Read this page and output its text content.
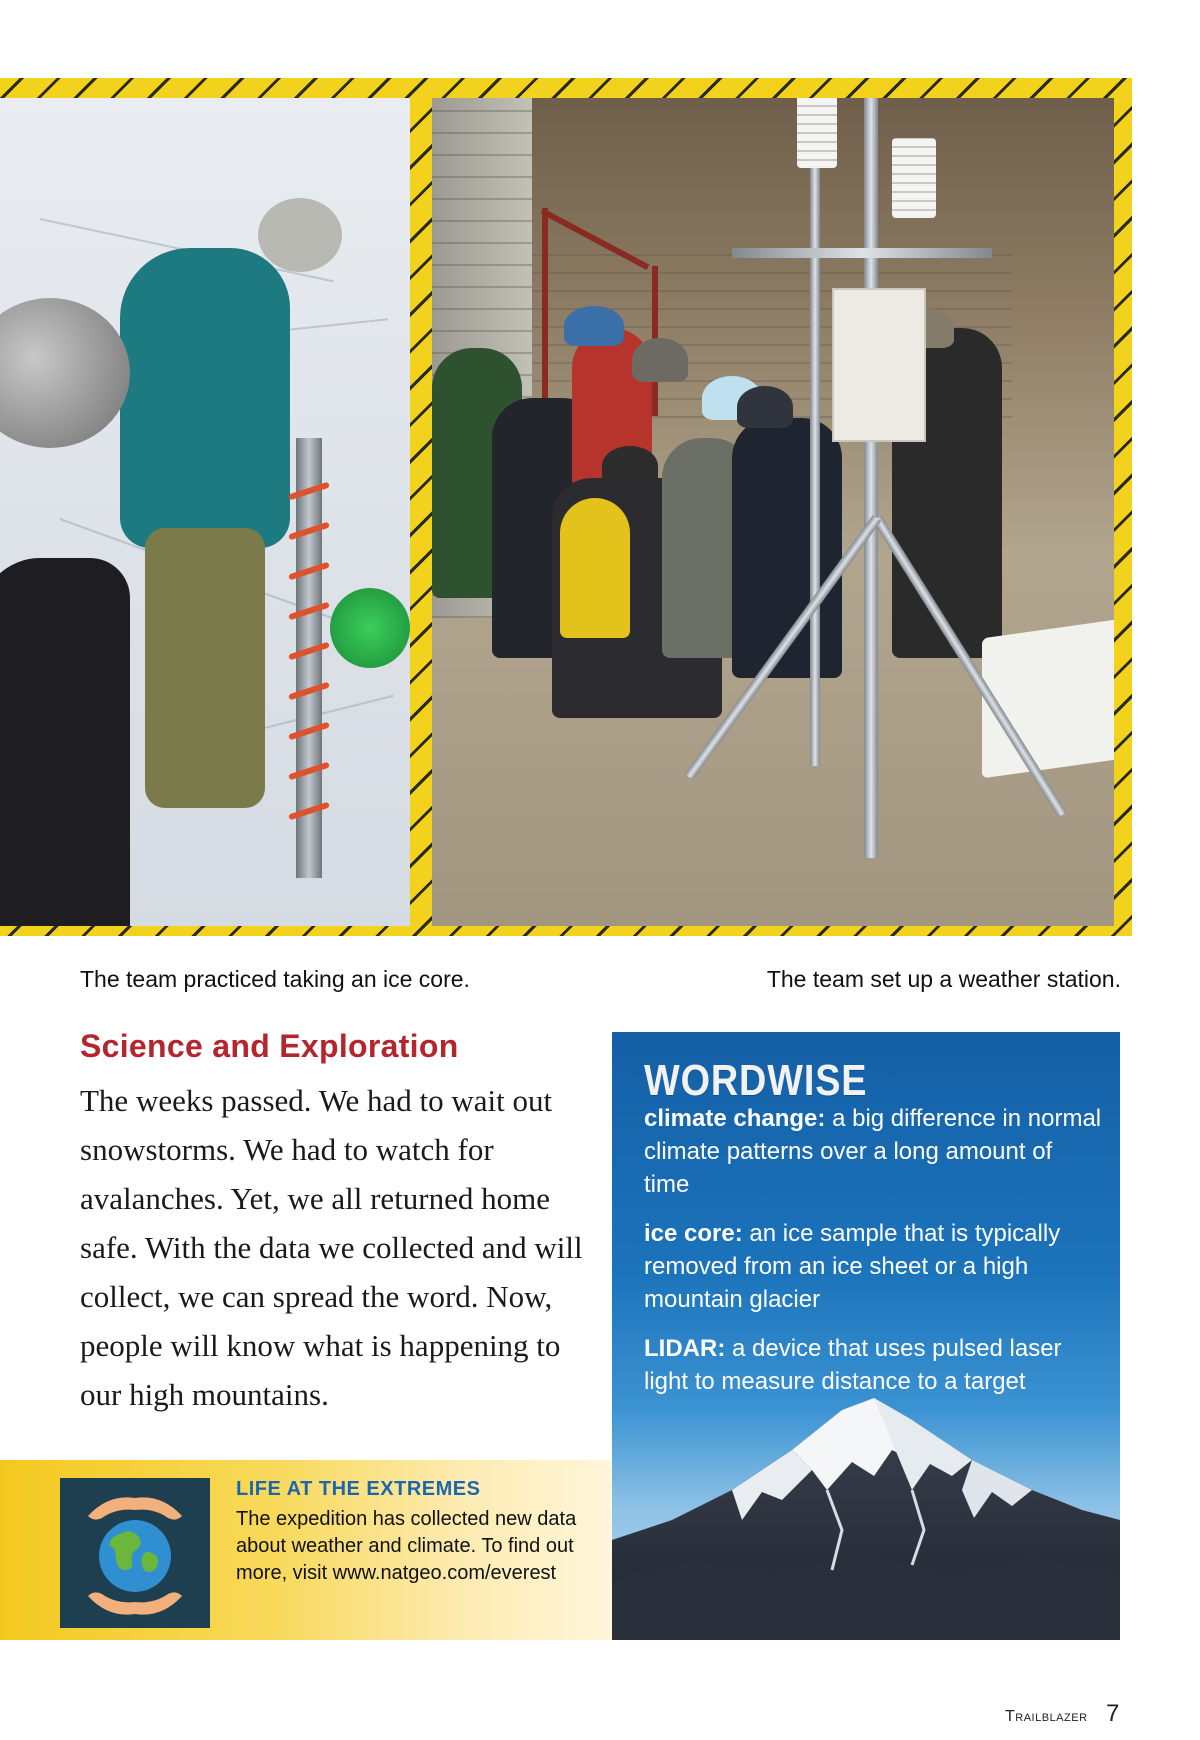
The team practiced taking an ice core.	The team set up a weather station.
Science and Exploration
The weeks passed. We had to wait out snowstorms. We had to watch for avalanches. Yet, we all returned home safe. With the data we collected and will collect, we can spread the word. Now, people will know what is happening to our high mountains.
WORDWISE

climate change: a big difference in normal climate patterns over a long amount of time

ice core: an ice sample that is typically removed from an ice sheet or a high mountain glacier

LIDAR: a device that uses pulsed laser light to measure distance to a target

LIFE AT THE EXTREMES
The expedition has collected new data about weather and climate. To find out more, visit www.natgeo.com/everest
Trailblazer 7
